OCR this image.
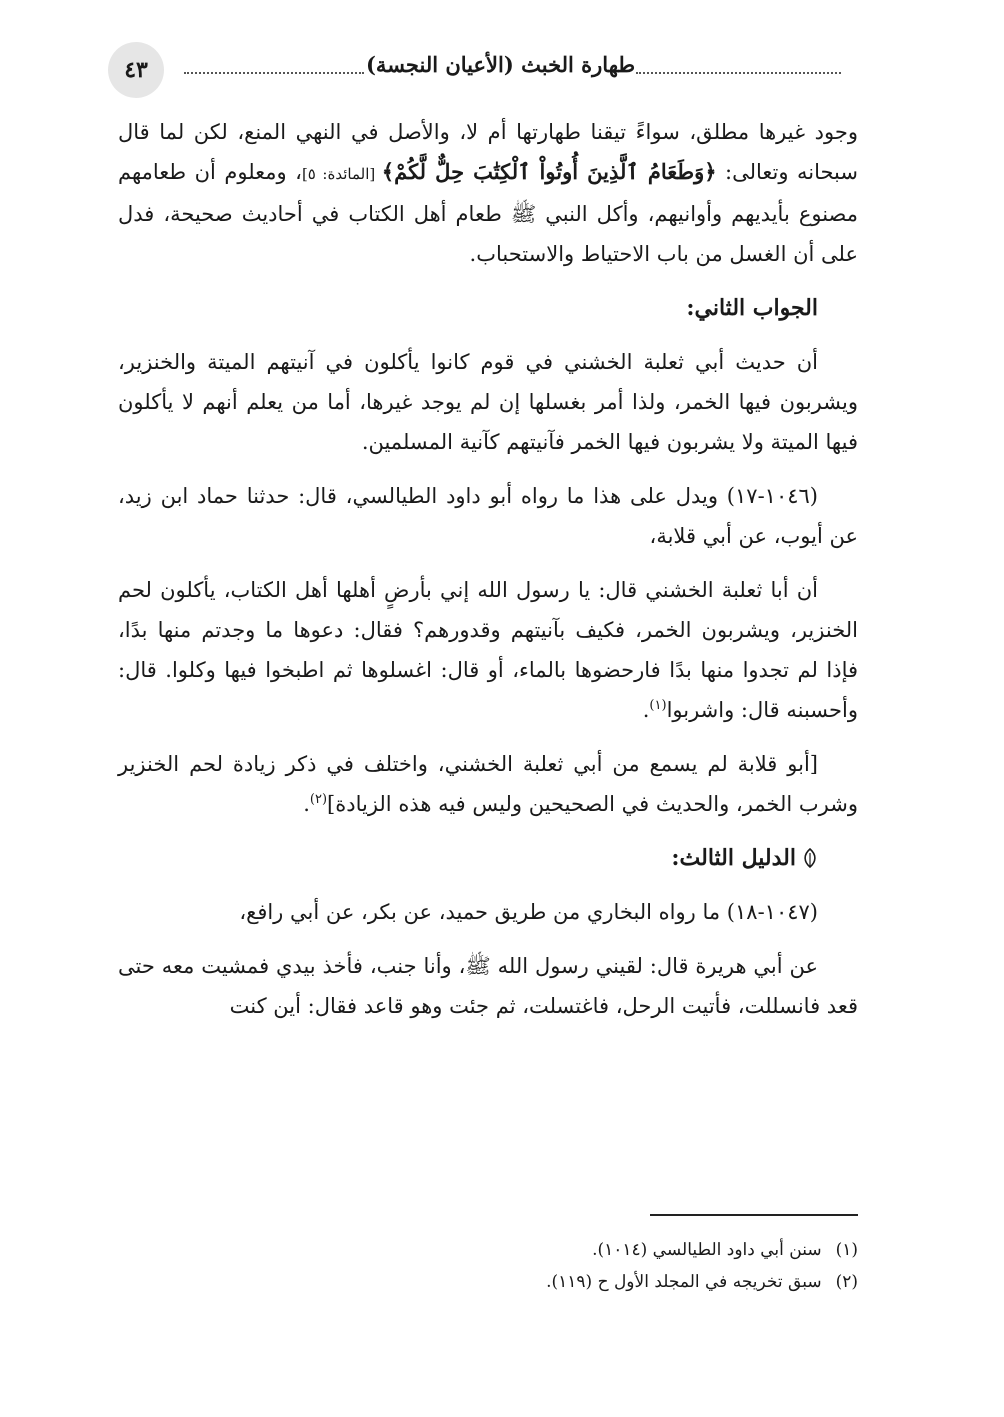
طهارة الخبث (الأعيان النجسة)
٤٣

وجود غيرها مطلق، سواءً تيقنا طهارتها أم لا، والأصل في النهي المنع، لكن لما قال سبحانه وتعالى: ﴿وَطَعَامُ ٱلَّذِينَ أُوتُواْ ٱلْكِتَٰبَ حِلٌّ لَّكُمْ﴾ [المائدة: ٥]، ومعلوم أن طعامهم مصنوع بأيديهم وأوانيهم، وأكل النبي ﷺ طعام أهل الكتاب في أحاديث صحيحة، فدل على أن الغسل من باب الاحتياط والاستحباب.

الجواب الثاني:

أن حديث أبي ثعلبة الخشني في قوم كانوا يأكلون في آنيتهم الميتة والخنزير، ويشربون فيها الخمر، ولذا أمر بغسلها إن لم يوجد غيرها، أما من يعلم أنهم لا يأكلون فيها الميتة ولا يشربون فيها الخمر فآنيتهم كآنية المسلمين.

(١٠٤٦-١٧) ويدل على هذا ما رواه أبو داود الطيالسي، قال: حدثنا حماد ابن زيد، عن أيوب، عن أبي قلابة،

أن أبا ثعلبة الخشني قال: يا رسول الله إني بأرضٍ أهلها أهل الكتاب، يأكلون لحم الخنزير، ويشربون الخمر، فكيف بآنيتهم وقدورهم؟ فقال: دعوها ما وجدتم منها بدًا، فإذا لم تجدوا منها بدًا فارحضوها بالماء، أو قال: اغسلوها ثم اطبخوا فيها وكلوا. قال: وأحسبنه قال: واشربوا$^{(١)}$.

[أبو قلابة لم يسمع من أبي ثعلبة الخشني، واختلف في ذكر زيادة لحم الخنزير وشرب الخمر، والحديث في الصحيحين وليس فيه هذه الزيادة]$^{(٢)}$.

الدليل الثالث:

(١٠٤٧-١٨) ما رواه البخاري من طريق حميد، عن بكر، عن أبي رافع،

عن أبي هريرة قال: لقيني رسول الله ﷺ، وأنا جنب، فأخذ بيدي فمشيت معه حتى قعد فانسللت، فأتيت الرحل، فاغتسلت، ثم جئت وهو قاعد فقال: أين كنت

(١)
سنن أبي داود الطيالسي (١٠١٤).
(٢)
سبق تخريجه في المجلد الأول ح (١١٩).
